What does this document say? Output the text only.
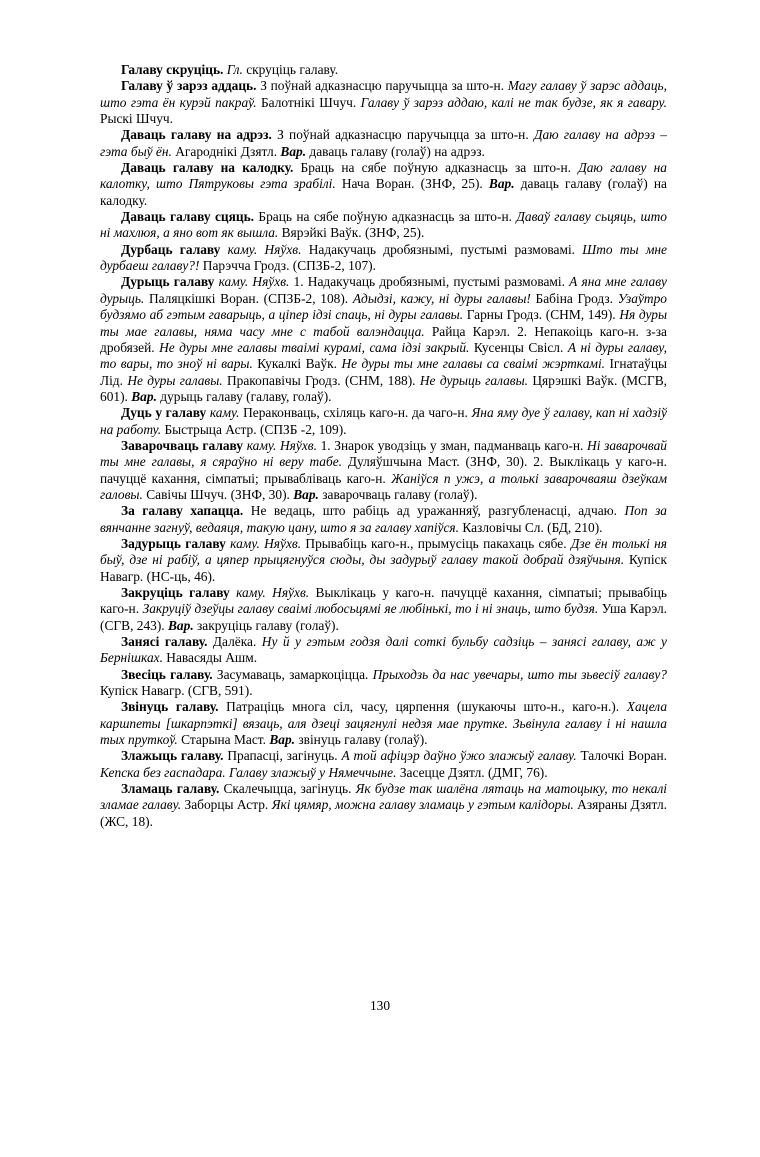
Галаву скруціць. Гл. скруціць галаву.

Галаву ў зарэз аддаць. З поўнай адказнасцю паручыцца за што-н. Магу галаву ў зарэс аддаць, што гэта ён курэй пакраў. Балотнікі Шчуч. Галаву ў зарэз аддаю, калі не так будзе, як я гавару. Рыскі Шчуч.

Даваць галаву на адрэз. З поўнай адказнасцю паручыцца за што-н. Даю галаву на адрэз – гэта быў ён. Агароднікі Дзятл. Вар. даваць галаву (голаў) на адрэз.

Даваць галаву на калодку. Браць на сябе поўную адказнасць за што-н. Даю галаву на калотку, што Пятруковы гэта зрабілі. Нача Воран. (ЗНФ, 25). Вар. даваць галаву (голаў) на калодку.

Даваць галаву сцяць. Браць на сябе поўную адказнасць за што-н. Даваў галаву сьцяць, што ні махлюя, а яно вот як вышла. Вярэйкі Ваўк. (ЗНФ, 25).

Дурбаць галаву каму. Няўхв. Надакучаць дробязнымі, пустымі размовамі. Што ты мне дурбаеш галаву?! Парэчча Гродз. (СПЗБ-2, 107).

Дурыць галаву каму. Няўхв. 1. Надакучаць дробязнымі, пустымі размовамі. А яна мне галаву дурыць. Паляцкішкі Воран. (СПЗБ-2, 108). Адыдзі, кажу, ні дуры галавы! Бабіна Гродз. Узаўтро будзямо аб гэтым гаварыць, а ціпер ідзі спаць, ні дуры галавы. Гарны Гродз. (СНМ, 149). Ня дуры ты мае галавы, няма часу мне с табой валэндацца. Райца Карэл. 2. Непакоіць каго-н. з-за дробязей. Не дуры мне галавы тваімі курамі, сама ідзі закрый. Кусенцы Свісл. А ні дуры галаву, то вары, то зноў ні вары. Кукалкі Ваўк. Не дуры ты мне галавы са сваімі жэрткамі. Ігнатаўцы Лід. Не дуры галавы. Пракопавічы Гродз. (СНМ, 188). Не дурыць галавы. Цярэшкі Ваўк. (МСГВ, 601). Вар. дурыць галаву (галаву, голаў).

Дуць у галаву каму. Пераконваць, схіляць каго-н. да чаго-н. Яна яму дуе ў галаву, кап ні хадзіў на работу. Быстрыца Астр. (СПЗБ -2, 109).

Заварочваць галаву каму. Няўхв. 1. Знарок уводзіць у зман, падманваць каго-н. Ні заварочвай ты мне галавы, я сяраўно ні веру табе. Дуляўшчына Маст. (ЗНФ, 30). 2. Выклікаць у каго-н. пачуццё кахання, сімпатыі; прывабліваць каго-н. Жаніўся п ужэ, а толькі заварочваяш дзеўкам галовы. Савічы Шчуч. (ЗНФ, 30). Вар. заварочваць галаву (голаў).

За галаву хапацца. Не ведаць, што рабіць ад уражанняў, разгубленасці, адчаю. Поп за вянчанне загнуў, ведаяця, такую цану, што я за галаву хапіўся. Казловічы Сл. (БД, 210).

Задурыць галаву каму. Няўхв. Прывабіць каго-н., прымусіць пакахаць сябе. Дзе ён толькі ня быў, дзе ні рабіў, а цяпер прыцягнуўся сюды, ды задурыў галаву такой добрай дзяўчыня. Купіск Навагр. (НС-ць, 46).

Закруціць галаву каму. Няўхв. Выклікаць у каго-н. пачуццё кахання, сімпатыі; прывабіць каго-н. Закруціў дзеўцы галаву сваімі любосьцямі яе любінькі, то і ні знаць, што будзя. Уша Карэл. (СГВ, 243). Вар. закруціць галаву (голаў).

Занясі галаву. Далёка. Ну й у гэтым годзя далі соткі бульбу садзіць – занясі галаву, аж у Бернішках. Навасяды Ашм.

Звесіць галаву. Засумаваць, замаркоціцца. Прыходзь да нас увечары, што ты зьвесіў галаву? Купіск Навагр. (СГВ, 591).

Звінуць галаву. Патраціць многа сіл, часу, цярпення (шукаючы што-н., каго-н.). Хацела каршпеты [шкарпэткі] вязаць, аля дзеці зацягнулі недзя мае прутке. Зьвінула галаву і ні нашла тых пруткоў. Старына Маст. Вар. звінуць галаву (голаў).

Злажыць галаву. Прапасці, загінуць. А той афіцэр даўно ўжо злажыў галаву. Талочкі Воран. Кепска без гаспадара. Галаву злажыў у Нямеччыне. Засецце Дзятл. (ДМГ, 76).

Зламаць галаву. Скалечыцца, загінуць. Як будзе так шалёна лятаць на матоцыку, то некалі зламае галаву. Заборцы Астр. Які цямяр, можна галаву зламаць у гэтым калідоры. Азяраны Дзятл. (ЖС, 18).

130
